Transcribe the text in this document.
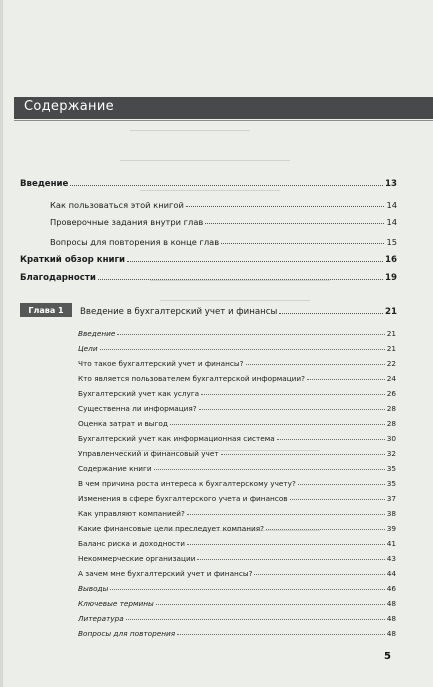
Содержание
Введение	13
Как пользоваться этой книгой	14
Проверочные задания внутри глав	14
Вопросы для повторения в конце глав	15
Краткий обзор книги	16
Благодарности	19
Глава 1	Введение в бухгалтерский учет и финансы	21
Введение	21
Цели	21
Что такое бухгалтерский учет и финансы?	22
Кто является пользователем бухгалтерской информации?	24
Бухгалтерский учет как услуга	26
Существенна ли информация?	28
Оценка затрат и выгод	28
Бухгалтерский учет как информационная система	30
Управленческий и финансовый учет	32
Содержание книги	35
В чем причина роста интереса к бухгалтерскому учету?	35
Изменения в сфере бухгалтерского учета и финансов	37
Как управляют компанией?	38
Какие финансовые цели преследует компания?	39
Баланс риска и доходности	41
Некоммерческие организации	43
А зачем мне бухгалтерский учет и финансы?	44
Выводы	46
Ключевые термины	48
Литература	48
Вопросы для повторения	48
5
